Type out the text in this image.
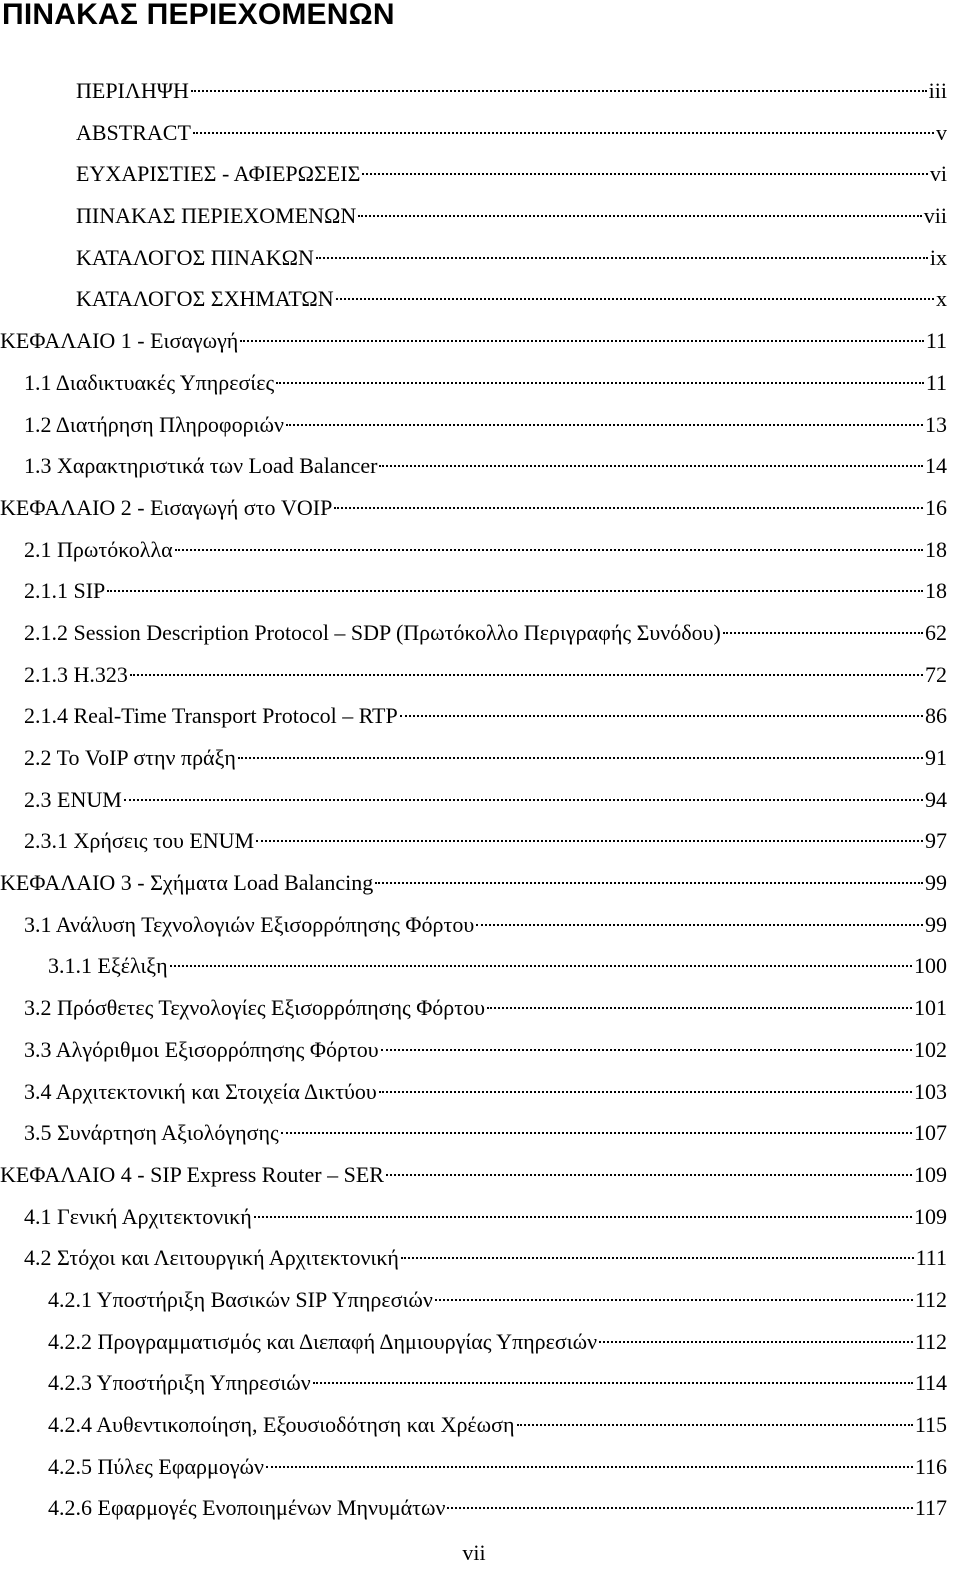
ΠΙΝΑΚΑΣ ΠΕΡΙΕΧΟΜΕΝΩΝ
ΠΕΡΙΛΗΨΗ	iii
ABSTRACT	v
ΕΥΧΑΡΙΣΤΙΕΣ - ΑΦΙΕΡΩΣΕΙΣ	vi
ΠΙΝΑΚΑΣ ΠΕΡΙΕΧΟΜΕΝΩΝ	vii
ΚΑΤΑΛΟΓΟΣ ΠΙΝΑΚΩΝ	ix
ΚΑΤΑΛΟΓΟΣ ΣΧΗΜΑΤΩΝ	x
ΚΕΦΑΛΑΙΟ 1 - Εισαγωγή	11
1.1 Διαδικτυακές Υπηρεσίες	11
1.2 Διατήρηση Πληροφοριών	13
1.3 Χαρακτηριστικά των Load Balancer	14
ΚΕΦΑΛΑΙΟ 2 - Εισαγωγή στο VOIP	16
2.1 Πρωτόκολλα	18
2.1.1 SIP	18
2.1.2 Session Description Protocol – SDP (Πρωτόκολλο Περιγραφής Συνόδου)	62
2.1.3 H.323	72
2.1.4 Real-Time Transport Protocol – RTP	86
2.2 Το VoIP στην πράξη	91
2.3 ENUM	94
2.3.1 Χρήσεις του ENUM	97
ΚΕΦΑΛΑΙΟ 3 - Σχήματα Load Balancing	99
3.1 Ανάλυση Τεχνολογιών Εξισορρόπησης Φόρτου	99
3.1.1 Εξέλιξη	100
3.2 Πρόσθετες Τεχνολογίες Εξισορρόπησης Φόρτου	101
3.3 Αλγόριθμοι Εξισορρόπησης Φόρτου	102
3.4 Αρχιτεκτονική και Στοιχεία Δικτύου	103
3.5 Συνάρτηση Αξιολόγησης	107
ΚΕΦΑΛΑΙΟ 4 - SIP Express Router – SER	109
4.1 Γενική Αρχιτεκτονική	109
4.2 Στόχοι και Λειτουργική Αρχιτεκτονική	111
4.2.1 Υποστήριξη Βασικών SIP Υπηρεσιών	112
4.2.2 Προγραμματισμός και Διεπαφή Δημιουργίας Υπηρεσιών	112
4.2.3 Υποστήριξη Υπηρεσιών	114
4.2.4 Αυθεντικοποίηση, Εξουσιοδότηση και Χρέωση	115
4.2.5 Πύλες Εφαρμογών	116
4.2.6 Εφαρμογές Ενοποιημένων Μηνυμάτων	117
vii
